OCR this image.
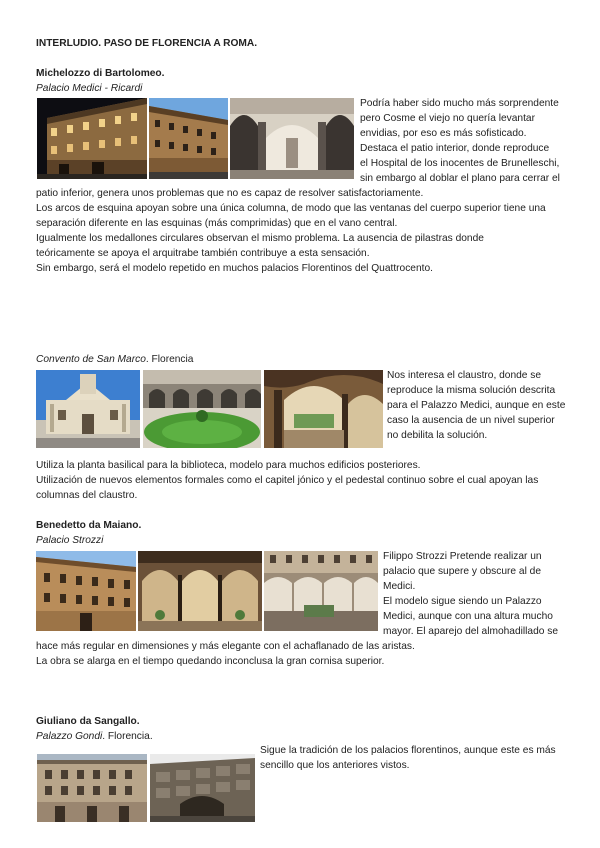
INTERLUDIO. PASO DE FLORENCIA A ROMA.
Michelozzo di Bartolomeo.
Palacio Medici - Ricardi
Podría haber sido mucho más sorprendente
pero Cosme el viejo no quería levantar
envidias, por eso es más sofisticado.
Destaca el patio interior, donde reproduce
el Hospital de los inocentes de Brunelleschi,
sin embargo al doblar el plano para cerrar el
patio inferior, genera unos problemas que no es capaz de resolver satisfactoriamente.
Los arcos de esquina apoyan sobre una única columna, de modo que las ventanas del cuerpo superior tiene una
separación diferente en las esquinas (más comprimidas) que en el vano central.
Igualmente los medallones circulares observan el mismo problema. La ausencia de pilastras donde
teóricamente se apoya el arquitrabe también contribuye a esta sensación.
Sin embargo, será el modelo repetido en muchos palacios Florentinos del Quattrocento.
Convento de San Marco. Florencia
Nos interesa el claustro, donde se
reproduce la misma solución descrita
para el Palazzo Medici, aunque en este
caso la ausencia de un nivel superior
no debilita la solución.
Utiliza la planta basilical para la biblioteca, modelo para muchos edificios posteriores.
Utilización de nuevos elementos formales como el capitel jónico y el pedestal continuo sobre el cual apoyan las
columnas del claustro.
Benedetto da Maiano.
Palacio Strozzi
Filippo Strozzi Pretende realizar un
palacio que supere y obscure al de
Medici.
El modelo sigue siendo un Palazzo
Medici, aunque con una altura mucho
mayor. El aparejo del almohadillado se
hace más regular en dimensiones y más elegante con el achaflanado de las aristas.
La obra se alarga en el tiempo quedando inconclusa la gran cornisa superior.
Giuliano da Sangallo.
Palazzo Gondi. Florencia.
Sigue la tradición de los palacios florentinos, aunque este es más
sencillo que los anteriores vistos.
